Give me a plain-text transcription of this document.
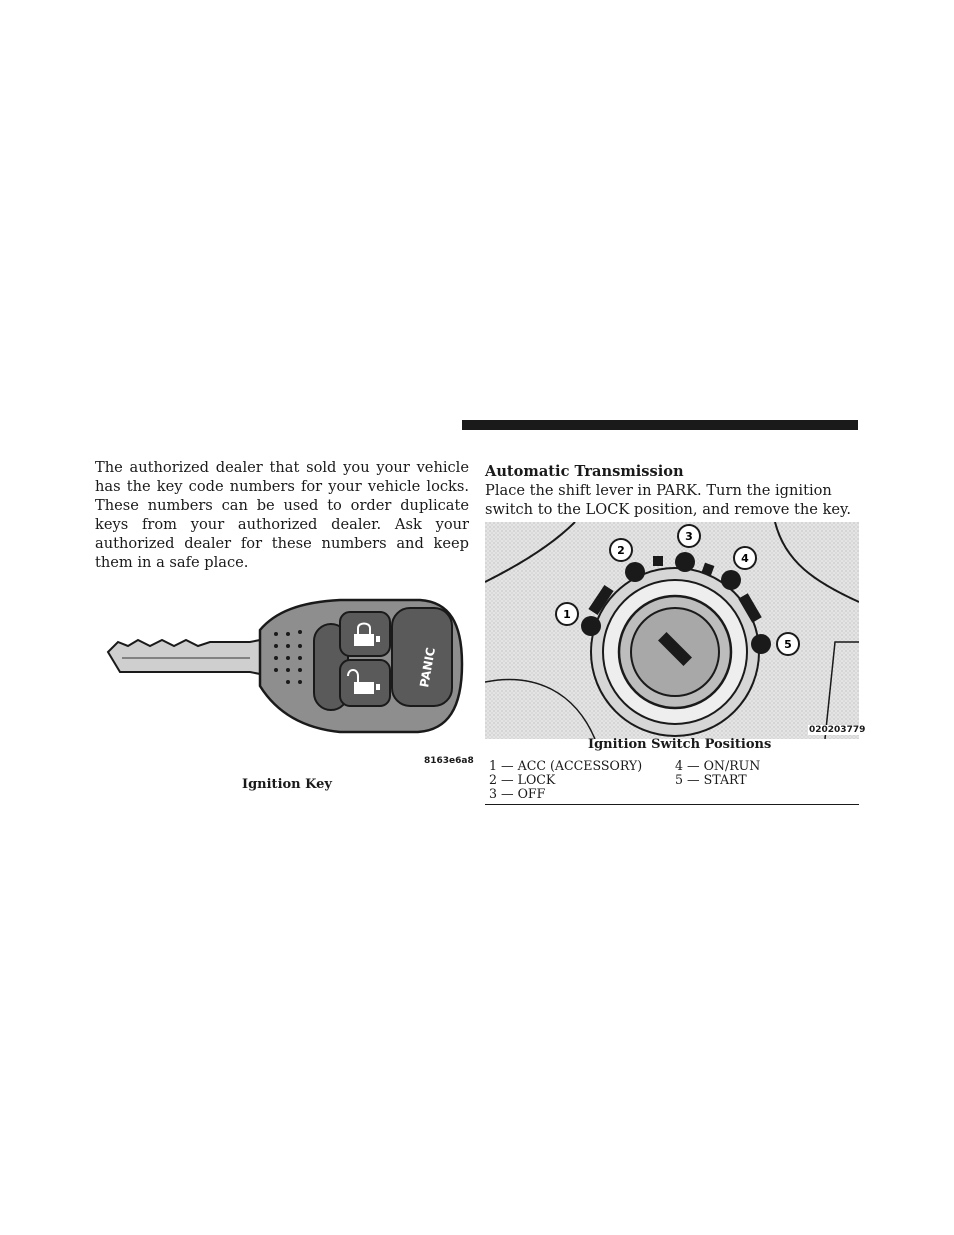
The authorized dealer that sold you your vehicle has the key code numbers for your vehicle locks. These numbers can be used to order duplicate keys from your authorized dealer. Ask your authorized dealer for these numbers and keep them in a safe place.
PANIC
8163e6a8
Ignition Key
Automatic Transmission
Place the shift lever in PARK. Turn the ignition switch to the LOCK position, and remove the key.
1
2
3
4
5
020203779
Ignition Switch Positions
1 — ACC (ACCESSORY)
2 — LOCK
3 — OFF
4 — ON/RUN
5 — START
